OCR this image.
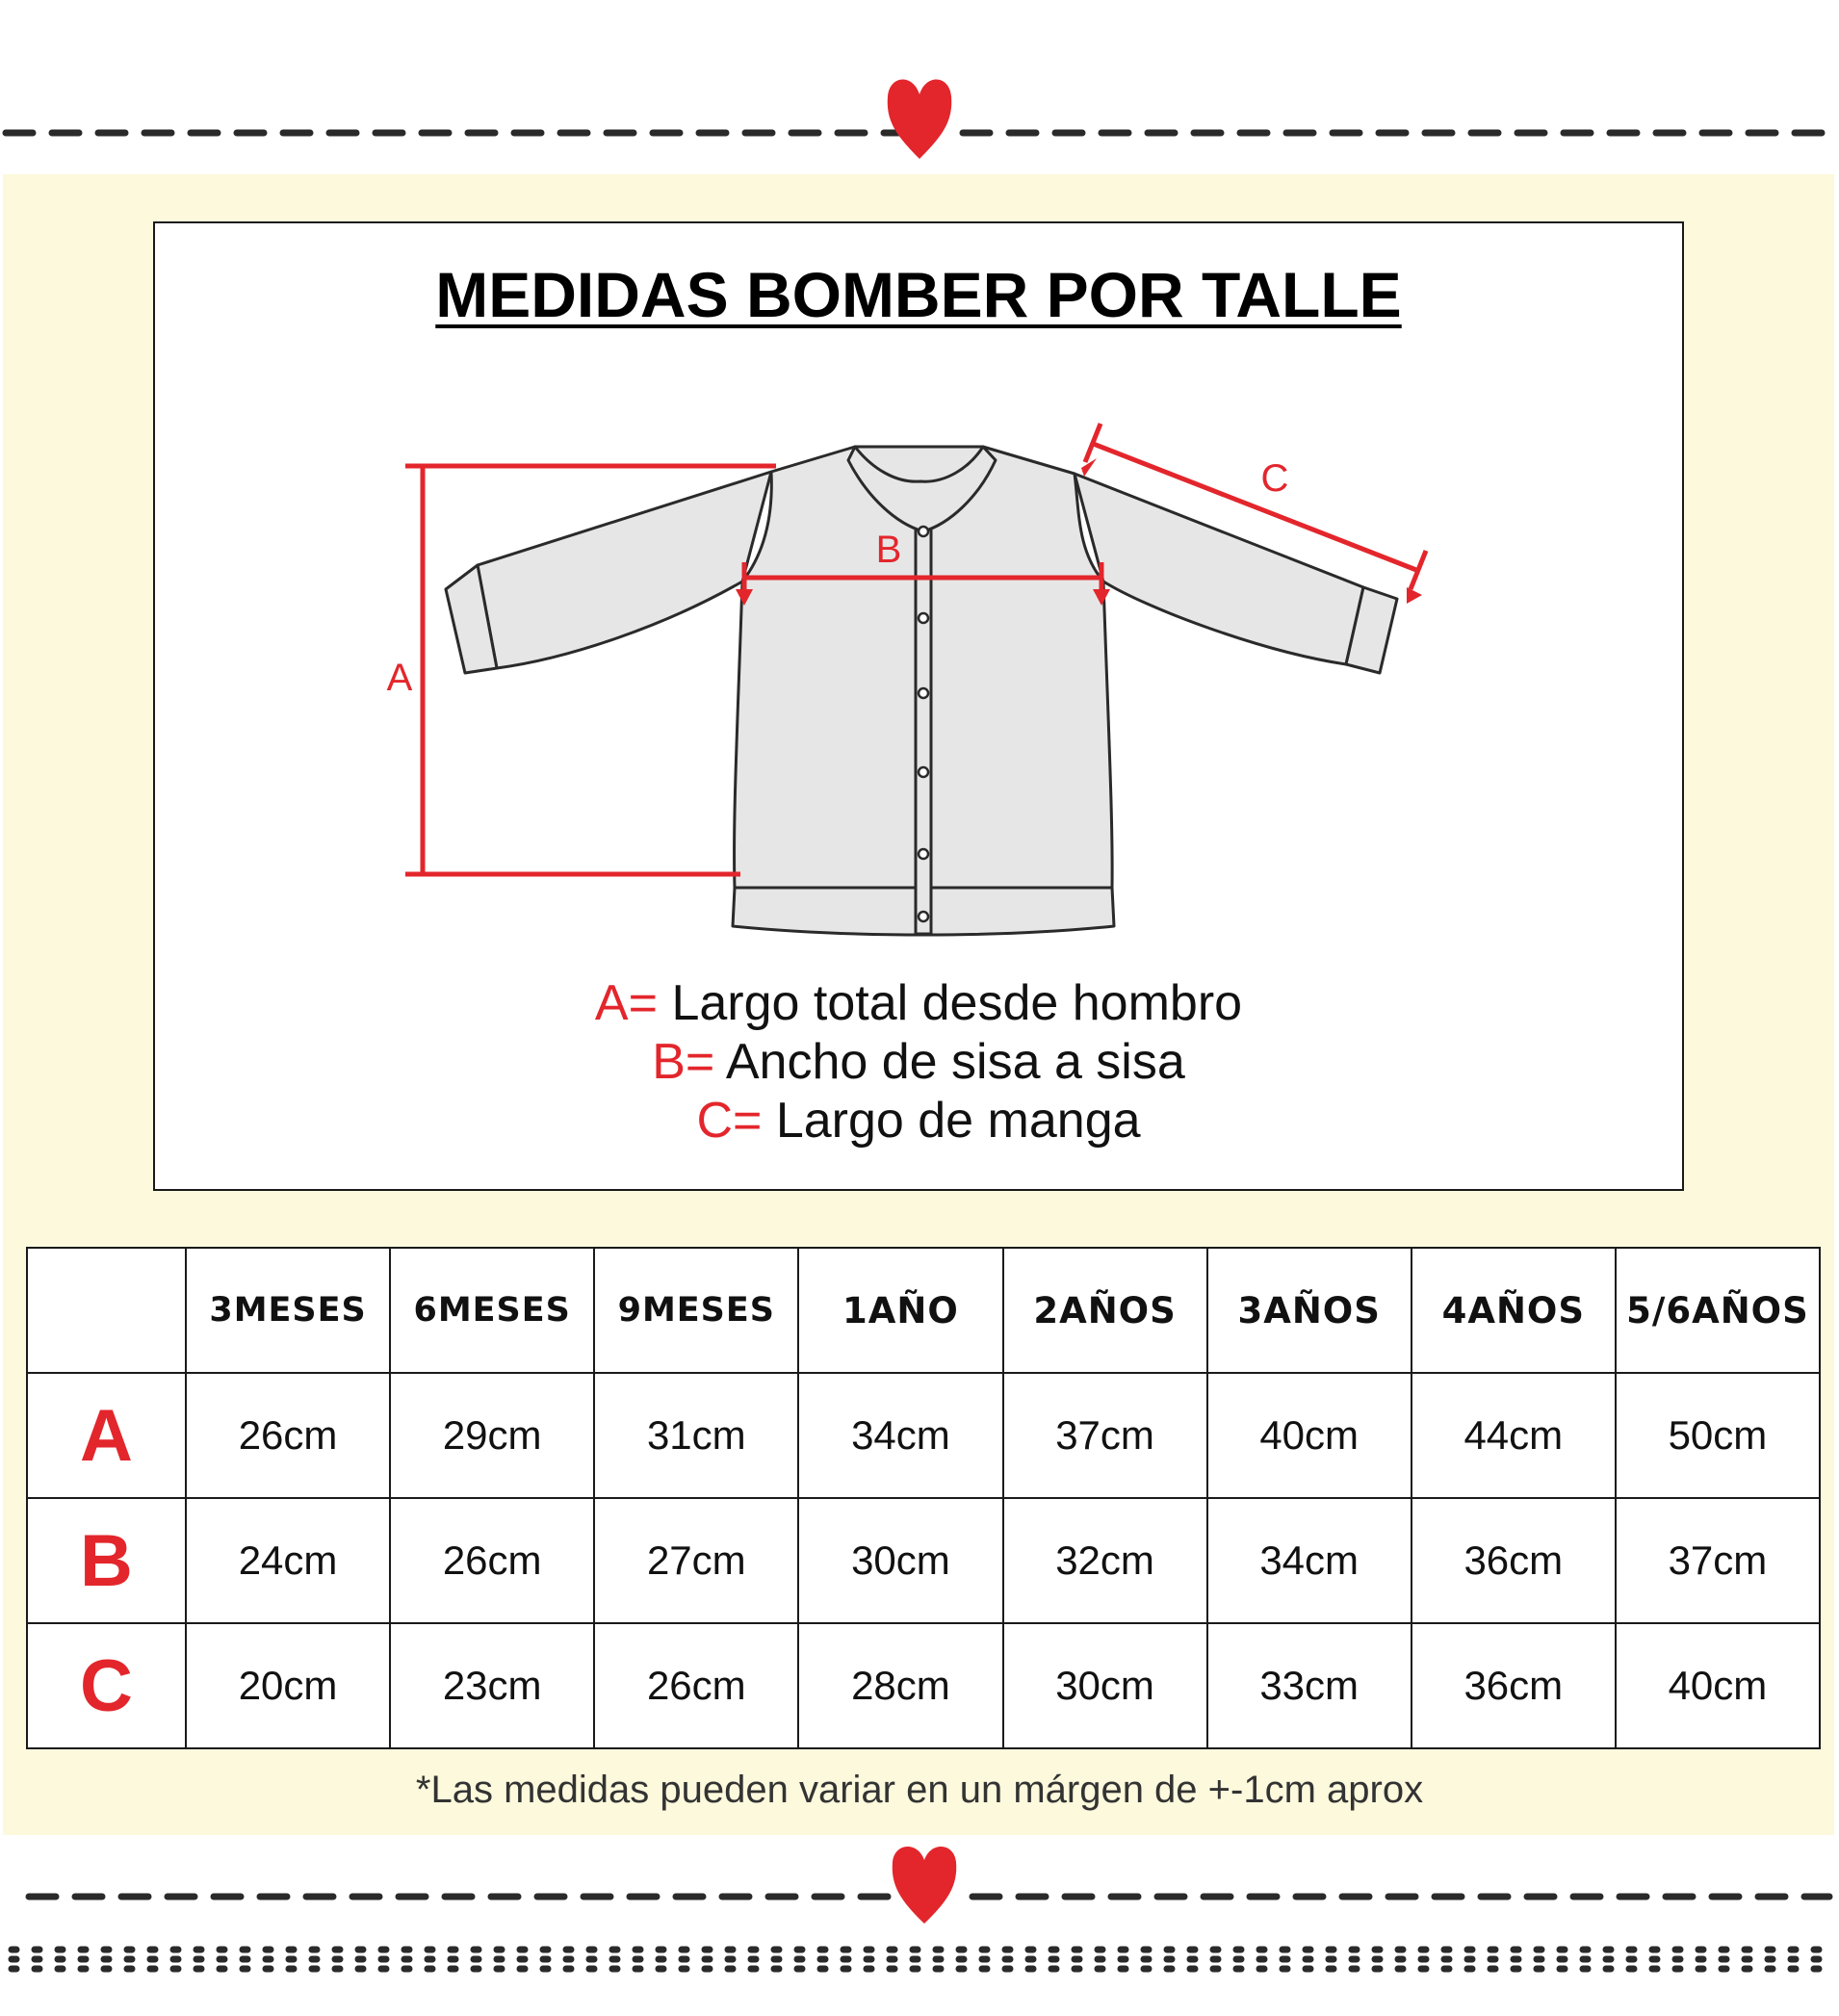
MEDIDAS BOMBER POR TALLE
A
B
C
A= Largo total desde hombro
B= Ancho de sisa a sisa
C= Largo de manga
	3MESES	6MESES	9MESES	1AÑO	2AÑOS	3AÑOS	4AÑOS	5/6AÑOS
A	26cm	29cm	31cm	34cm	37cm	40cm	44cm	50cm
B	24cm	26cm	27cm	30cm	32cm	34cm	36cm	37cm
C	20cm	23cm	26cm	28cm	30cm	33cm	36cm	40cm
*Las medidas pueden variar en un márgen de +-1cm aprox
